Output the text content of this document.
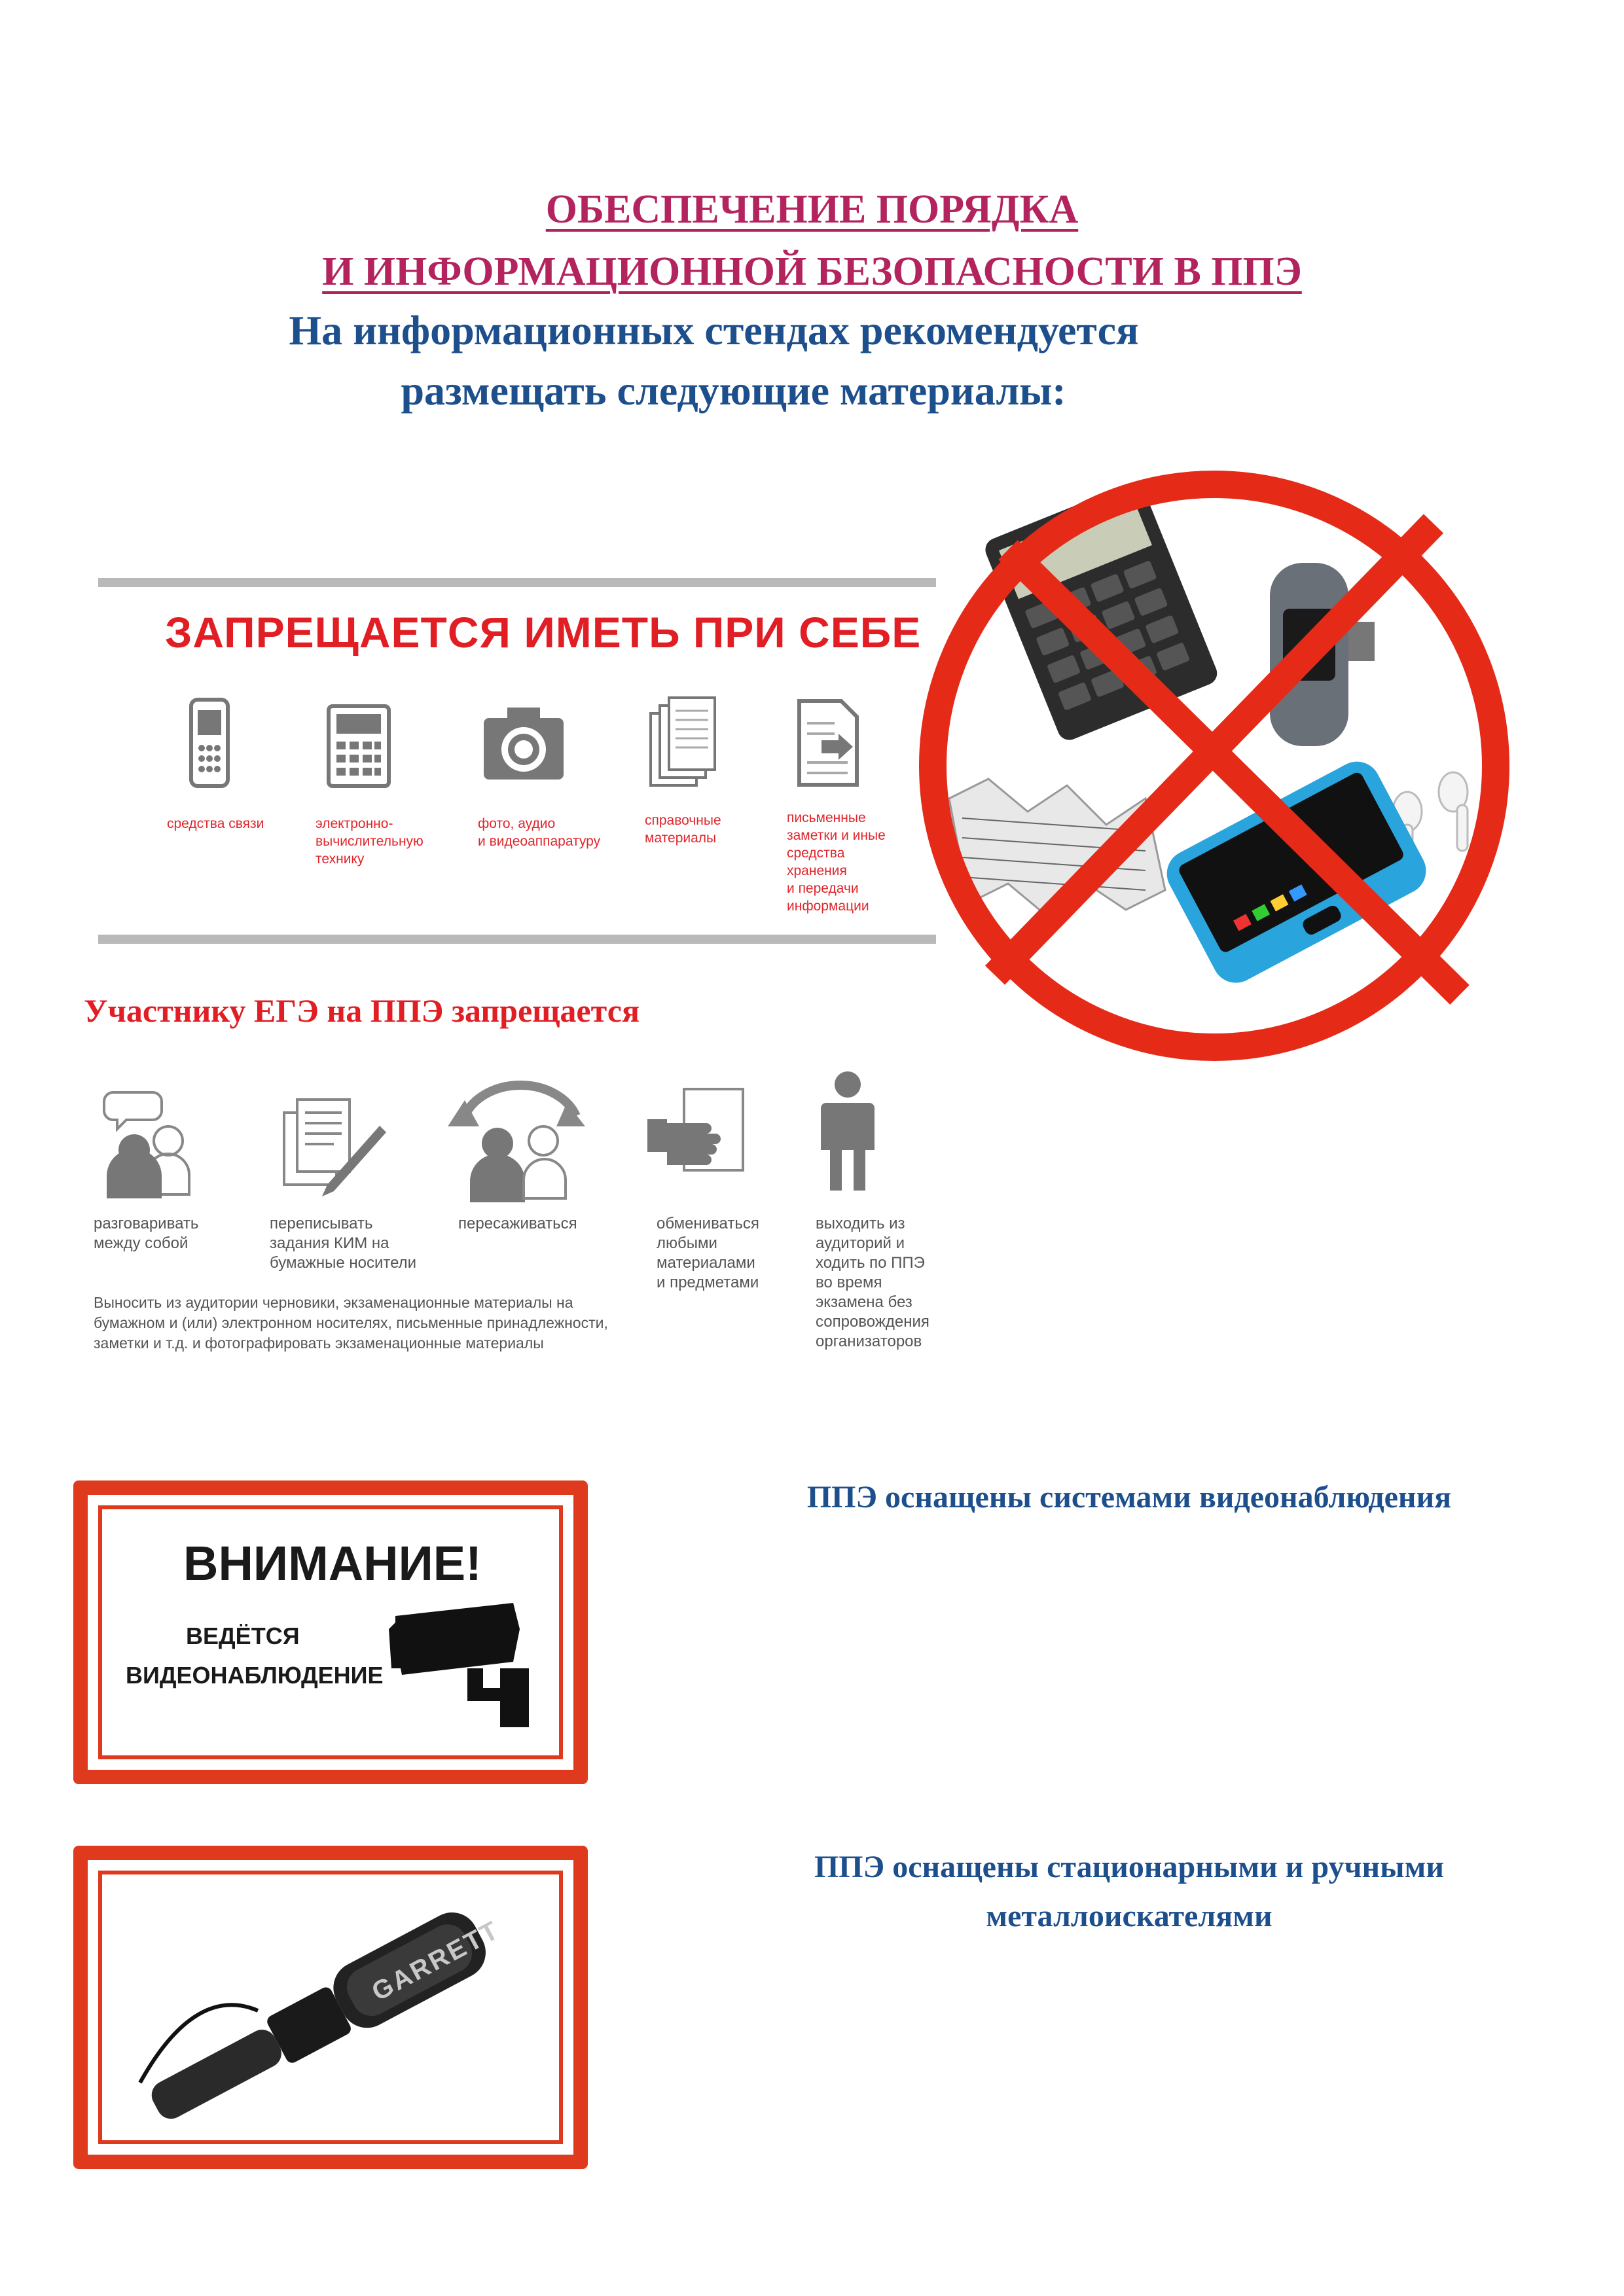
ОБЕСПЕЧЕНИЕ ПОРЯДКА
И ИНФОРМАЦИОННОЙ БЕЗОПАСНОСТИ В ППЭ
На информационных стендах рекомендуется
размещать следующие материалы:
ЗАПРЕЩАЕТСЯ ИМЕТЬ ПРИ СЕБЕ
средства связи	электронно-
вычислительную
технику
фото, аудио
и видеоаппаратуру
справочные
материалы
письменные
заметки и иные
средства
хранения
и передачи
информации
Участнику ЕГЭ на ППЭ запрещается
разговаривать
между собой
переписывать
задания КИМ на
бумажные носители
пересаживаться	обмениваться
любыми
материалами
и предметами
выходить из
аудиторий и
ходить по ППЭ
во время
экзамена без
сопровождения
организаторов
Выносить из аудитории черновики, экзаменационные материалы на
бумажном и (или) электронном носителях, письменные принадлежности,
заметки и т.д. и фотографировать экзаменационные материалы
ВНИМАНИЕ!
ВЕДЁТСЯ
ВИДЕОНАБЛЮДЕНИЕ
ППЭ оснащены системами видеонаблюдения
GARRETT
ППЭ оснащены стационарными и ручными
металлоискателями
